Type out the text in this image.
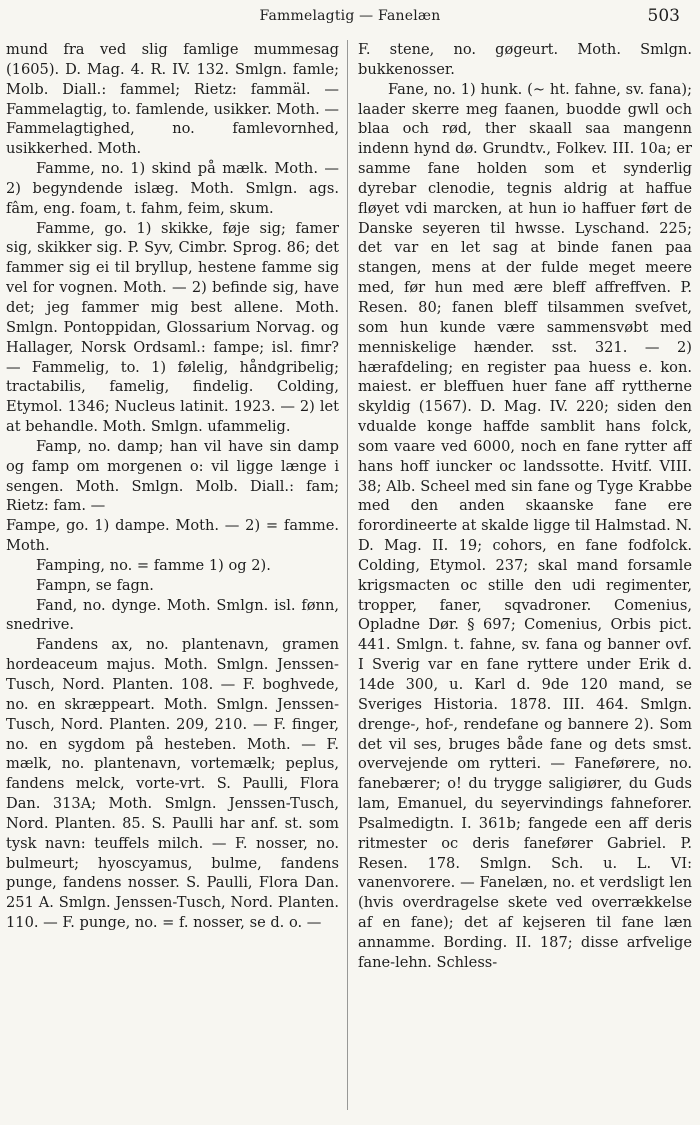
Fammelagtig — Fanelæn	503

mund fra ved slig famlige mummesag (1605). D. Mag. 4. R. IV. 132. Smlgn. famle; Molb. Diall.: fammel; Rietz: fammäl. — Fammelagtig, to. famlende, usikker. Moth. — Fammelagtighed, no. famlevornhed, usikkerhed. Moth.

Famme, no. 1) skind på mælk. Moth. — 2) begyndende islæg. Moth. Smlgn. ags. fâm, eng. foam, t. fahm, feim, skum.

Famme, go. 1) skikke, føje sig; famer sig, skikker sig. P. Syv, Cimbr. Sprog. 86; det fammer sig ei til bryllup, hestene famme sig vel for vognen. Moth. — 2) befinde sig, have det; jeg fammer mig best allene. Moth. Smlgn. Pontoppidan, Glossarium Norvag. og Hallager, Norsk Ordsaml.: fampe; isl. fimr? — Fammelig, to. 1) følelig, håndgribelig; tractabilis, famelig, findelig. Colding, Etymol. 1346; Nucleus latinit. 1923. — 2) let at behandle. Moth. Smlgn. ufammelig.

Famp, no. damp; han vil have sin damp og famp om morgenen o: vil ligge længe i sengen. Moth. Smlgn. Molb. Diall.: fam; Rietz: fam. —

Fampe, go. 1) dampe. Moth. — 2) = famme. Moth.

Famping, no. = famme 1) og 2).

Fampn, se fagn.

Fand, no. dynge. Moth. Smlgn. isl. fønn, snedrive.

Fandens ax, no. plantenavn, gramen hordeaceum majus. Moth. Smlgn. Jenssen-Tusch, Nord. Planten. 108. — F. boghvede, no. en skræppeart. Moth. Smlgn. Jenssen-Tusch, Nord. Planten. 209, 210. — F. finger, no. en sygdom på hesteben. Moth. — F. mælk, no. plantenavn, vortemælk; peplus, fandens melck, vorte-vrt. S. Paulli, Flora Dan. 313A; Moth. Smlgn. Jenssen-Tusch, Nord. Planten. 85. S. Paulli har anf. st. som tysk navn: teuffels milch. — F. nosser, no. bulmeurt; hyoscyamus, bulme, fandens punge, fandens nosser. S. Paulli, Flora Dan. 251 A. Smlgn. Jenssen-Tusch, Nord. Planten. 110. — F. punge, no. = f. nosser, se d. o. —

F. stene, no. gøgeurt. Moth. Smlgn. bukkenosser.

Fane, no. 1) hunk. (∼ ht. fahne, sv. fana); laader skerre meg faanen, buodde gwll och blaa och rød, ther skaall saa mangenn indenn hynd dø. Grundtv., Folkev. III. 10a; er samme fane holden som et synderlig dyrebar clenodie, tegnis aldrig at haffue fløyet vdi marcken, at hun io haffuer ført de Danske seyeren til hwsse. Lyschand. 225; det var en let sag at binde fanen paa stangen, mens at der fulde meget meere med, før hun med ære bleff affreffven. P. Resen. 80; fanen bleff tilsammen sveſvet, som hun kunde være sammensvøbt med menniskelige hænder. sst. 321. — 2) hærafdeling; en register paa huess e. kon. maiest. er bleffuen huer fane aff ryttherne skyldig (1567). D. Mag. IV. 220; siden den vdualde konge haffde samblit hans folck, som vaare ved 6000, noch en fane rytter aff hans hoff iuncker oc landssotte. Hvitf. VIII. 38; Alb. Scheel med sin fane og Tyge Krabbe med den anden skaanske fane ere forordineerte at skalde ligge til Halmstad. N. D. Mag. II. 19; cohors, en fane fodfolck. Colding, Etymol. 237; skal mand forsamle krigsmacten oc stille den udi regimenter, tropper, faner, sqvadroner. Comenius, Opladne Dør. § 697; Comenius, Orbis pict. 441. Smlgn. t. fahne, sv. fana og banner ovf. I Sverig var en fane ryttere under Erik d. 14de 300, u. Karl d. 9de 120 mand, se Sveriges Historia. 1878. III. 464. Smlgn. drenge-, hof-, rendefane og bannere 2). Som det vil ses, bruges både fane og dets smst. overvejende om rytteri. — Faneførere, no. fanebærer; o! du trygge saligiører, du Guds lam, Emanuel, du seyervindings fahneforer. Psalmedigtn. I. 361b; fangede een aff deris ritmester oc deris fanefører Gabriel. P. Resen. 178. Smlgn. Sch. u. L. VI: vanenvorere. — Fanelæn, no. et verdsligt len (hvis overdragelse skete ved overrækkelse af en fane); det af kejseren til fane læn annamme. Bording. II. 187; disse arfvelige fane-lehn. Schless-
